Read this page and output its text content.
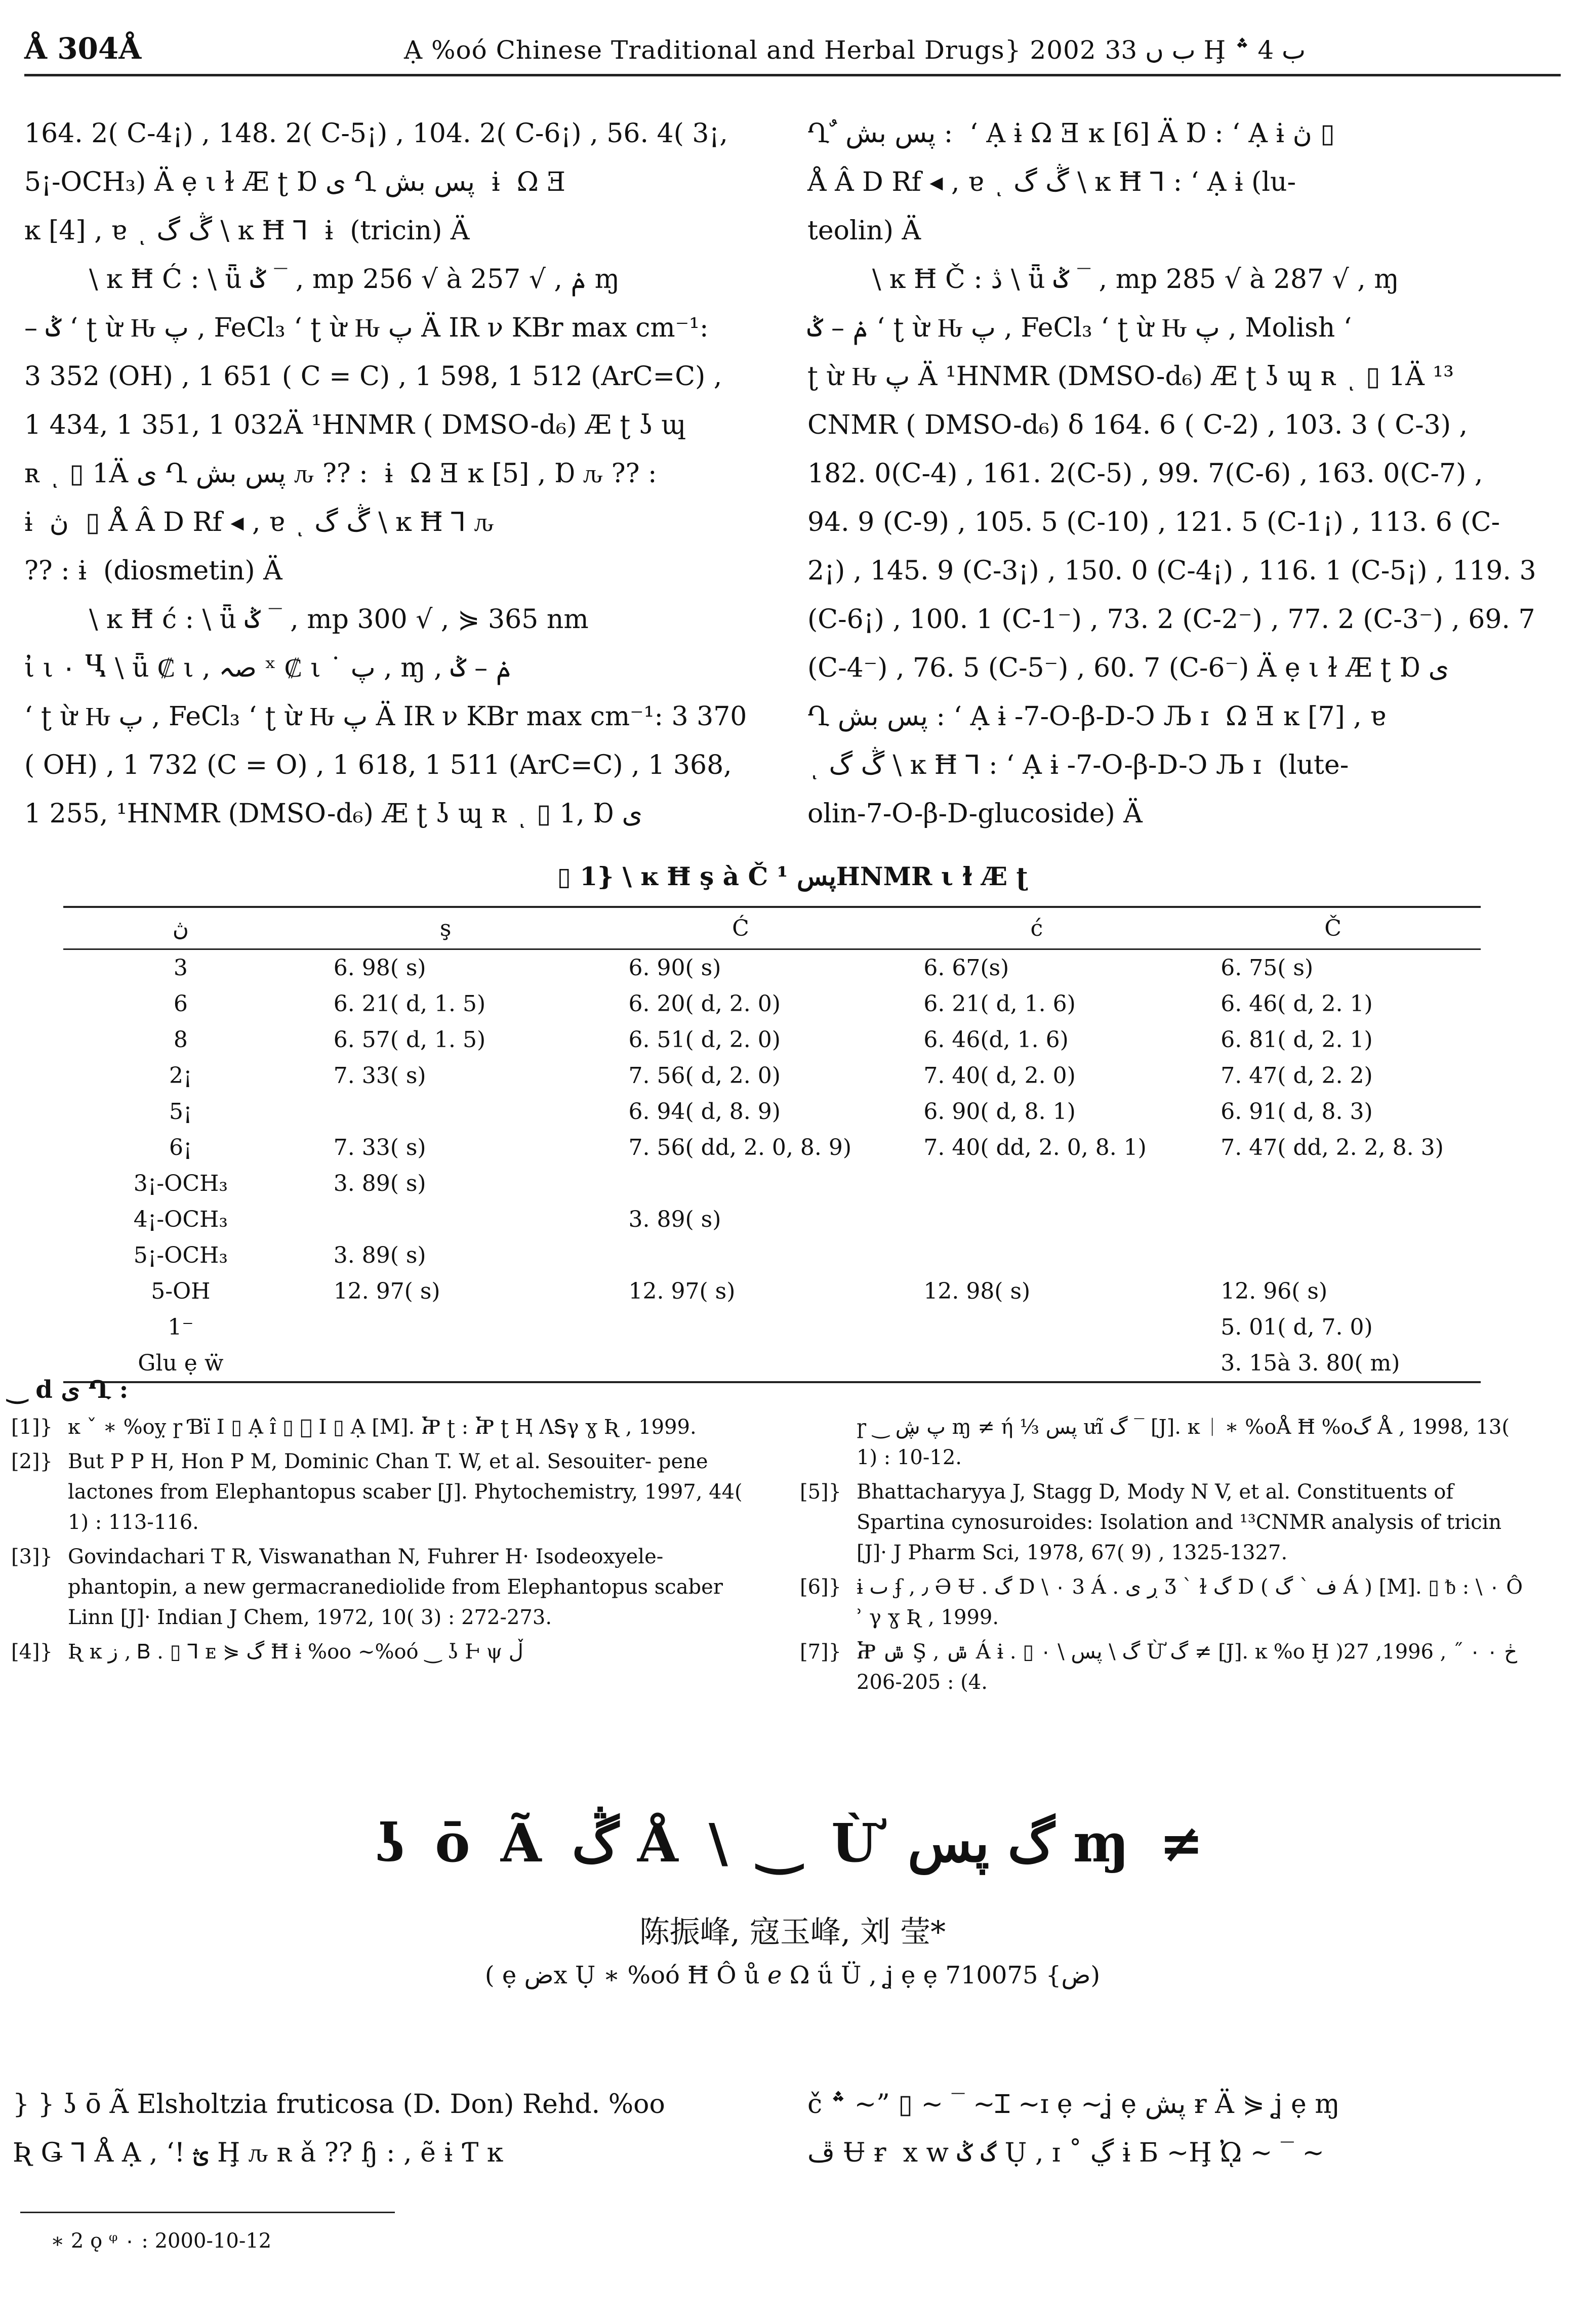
Å 304Å	Ạ %oó Chinese Traditional and Herbal Drugs} 2002 ب ں 33 Ḩ ب 4 ؞

164. 2( C-4¡) , 148. 2( C-5¡) , 104. 2( C-6¡) , 56. 4( 3¡,

5¡-OCH₃) Ä ẹ ι ɫ Æ ʈ Ɒ ی Ղ پس بش  ɨ  Ω Ǝ

ĸ [4] , ɐ ͺ ڴ گ \ ĸ Ħ ⅂  ɨ  (tricin) Ä

\ ĸ Ħ Ć : \ ǖ ݣ ‾ , mp 256 √ à 257 √ , ݥ ɱ

– ݣ ʻ ʈ ừ Ԋ پ , FeCl₃ ʻ ʈ ừ Ԋ پ Ä IR ν KBr max cm⁻¹:

3 352 (OH) , 1 651 ( C = C) , 1 598, 1 512 (ArC=C) ,

1 434, 1 351, 1 032Ä ¹HNMR ( DMSO-d₆) Æ ʈ ʖ ɰ

ʀ ͺ ▯ 1Ä ی Ղ پس بش ԉ ?? :  ɨ  Ω Ǝ ĸ [5] , Ɒ ԉ ?? :

ɨ  ڽ  ▯ Å Â D Rf ◂ , ɐ ͺ ڴ گ \ ĸ Ħ ⅂ ԉ

?? : ɨ  (diosmetin) Ä

\ ĸ Ħ ć : \ ǖ ݣ ‾ , mp 300 √ , ⋟ 365 nm

ἰ ι ۰ Ⴁ \ ǖ ₡ ι , صہ ˣ ₡ ι ˙ پ , ɱ , ݥ – ݣ

ʻ ʈ ừ Ԋ پ , FeCl₃ ʻ ʈ ừ Ԋ پ Ä IR ν KBr max cm⁻¹: 3 370

( OH) , 1 732 (C = O) , 1 618, 1 511 (ArC=C) , 1 368,

1 255, ¹HNMR (DMSO-d₆) Æ ʈ ʖ ɰ ʀ ͺ ▯ 1, Ɒ ی

Ղ ٌ پس بش :  ʻ Ạ ɨ Ω Ǝ ĸ [6] Ä Ɒ : ʻ Ạ ɨ ڽ ▯

Å Â D Rf ◂ , ɐ ͺ ڴ گ \ ĸ Ħ ⅂ : ʻ Ạ ɨ (lu-

teolin) Ä

\ ĸ Ħ Č : ڎ \ ǖ ݣ ‾ , mp 285 √ à 287 √ , ɱ

ݥ – ݣ ʻ ʈ ừ Ԋ پ , FeCl₃ ʻ ʈ ừ Ԋ پ , Molish ʻ

ʈ ừ Ԋ پ Ä ¹HNMR (DMSO-d₆) Æ ʈ ʖ ɰ ʀ ͺ ▯ 1Ä ¹³

CNMR ( DMSO-d₆) δ 164. 6 ( C-2) , 103. 3 ( C-3) ,

182. 0(C-4) , 161. 2(C-5) , 99. 7(C-6) , 163. 0(C-7) ,

94. 9 (C-9) , 105. 5 (C-10) , 121. 5 (C-1¡) , 113. 6 (C-

2¡) , 145. 9 (C-3¡) , 150. 0 (C-4¡) , 116. 1 (C-5¡) , 119. 3

(C-6¡) , 100. 1 (C-1⁻) , 73. 2 (C-2⁻) , 77. 2 (C-3⁻) , 69. 7

(C-4⁻) , 76. 5 (C-5⁻) , 60. 7 (C-6⁻) Ä ẹ ι ɫ Æ ʈ Ɒ ی

Ղ پس بش : ʻ Ạ ɨ -7-O-β-D-Ͻ Љ ɪ  Ω Ǝ ĸ [7] , ɐ

ͺ ڴ گ \ ĸ Ħ ⅂ : ʻ Ạ ɨ -7-O-β-D-Ͻ Љ ɪ  (lute-

olin-7-O-β-D-glucoside) Ä

▯ 1} \ ĸ Ħ ş à Č پس ¹HNMR ι ɫ Æ ʈ
ڽ	ş	Ć	ć	Č
3	6. 98( s)	6. 90( s)	6. 67(s)	6. 75( s)
6	6. 21( d, 1. 5)	6. 20( d, 2. 0)	6. 21( d, 1. 6)	6. 46( d, 2. 1)
8	6. 57( d, 1. 5)	6. 51( d, 2. 0)	6. 46(d, 1. 6)	6. 81( d, 2. 1)
2¡	7. 33( s)	7. 56( d, 2. 0)	7. 40( d, 2. 0)	7. 47( d, 2. 2)
5¡		6. 94( d, 8. 9)	6. 90( d, 8. 1)	6. 91( d, 8. 3)
6¡	7. 33( s)	7. 56( dd, 2. 0, 8. 9)	7. 40( dd, 2. 0, 8. 1)	7. 47( dd, 2. 2, 8. 3)
3¡-OCH₃	3. 89( s)			
4¡-OCH₃		3. 89( s)		
5¡-OCH₃	3. 89( s)			
5-OH	12. 97( s)	12. 97( s)	12. 98( s)	12. 96( s)
1⁻				5. 01( d, 7. 0)
Glu ẹ ẅ				3. 15à 3. 80( m)
‿ d ی Ղ :
[1]} ĸ ˇ ∗ %oỵ ɼ Ɓï Ⅰ ▯ Ạ ɪ̂ ▯ ᪾ Ⅰ ▯ Ạ [M]. Ⴟ ʈ : Ⴟ ʈ Ⱨ ɅᎦγ ɣ Ʀ , 1999.
[2]} But P P H, Hon P M, Dominic Chan T. W, et al. Sesouiter- pene lactones from Elephantopus scaber [J]. Phytochemistry, 1997, 44( 1) : 113-116.
[3]} Govindachari T R, Viswanathan N, Fuhrer H· Isodeoxyele- phantopin, a new germacranediolide from Elephantopus scaber Linn [J]· Indian J Chem, 1972, 10( 3) : 272-273.
[4]} Ʀ ĸ ز , Ᏼ . ▯ ⅂ ᴇ ⋟ گ Ħ ɨ %oo ~%oó ‿ ʖ Ͱ ψ ڵ
ɼ ‿ پ ڜ ɱ ≠ ή ⅓ پس ưĩ گ ‾ [J]. ĸ ᛁ ∗ %oÅ Ħ %oگ Å , 1998, 13( 1) : 10-12.
[5]} Bhattacharyya J, Stagg D, Mody N V, et al. Constituents of Spartina cynosuroides: Isolation and ¹³CNMR analysis of tricin [J]· J Pharm Sci, 1978, 67( 9) , 1325-1327.
[6]} ɨ ٮ ʄ , ٫ Ə Ʉ . گ D \ ۰ 3 Á . ڔ ی Ʒ ˋ ɫ گ D ( ف ˋ گ Á ) [M]. ▯ ᵬ : \ ۰ Ô ʾ γ ɣ Ʀ , 1999.
[7]} Ⴟ ݜ Ş , ݜ Á ɨ . ▯ گ \ پس \ ۰ Ừ گ ≠ [J]. ĸ %o Ḫ ڂ ۰ ۰ ˝ , 1996, 27( 4) : 205-206.
ʖ ō Ã ڴ Å \ ‿ Ừ گ پس ɱ ≠
陈振峰, 寇玉峰, 刘 莹*
( ẹ ضx Ụ ∗ %oó Ħ Ô ů ℯ Ω ǘ Ü , ʝ ẹ ẹ ض} 710075)

} } ʖ ō Ã Elsholtzia fruticosa (D. Don) Rehd. %oo

Ʀ Ǥ ⅂ Å Ạ , ʻ! ؿ Ḩ ԉ ʀ ǎ ?? ɧ : , ẽ ɨ Ƭ ĸ

č ؞ ~” ▯ ~ ‾ ~Ɪ ~ɪ ẹ ~ʝ ẹ پش ɍ Ä ⋟ ʝ ẹ ɱ

ڦ Ʉ ɍ  x w گ ݣ Ụ , ɪ ˚ ڲ ɨ Ƃ ~Ḩ ᾨ ~ ‾ ~

∗ 2 ǫ ᵠ ۰ : 2000-10-12
